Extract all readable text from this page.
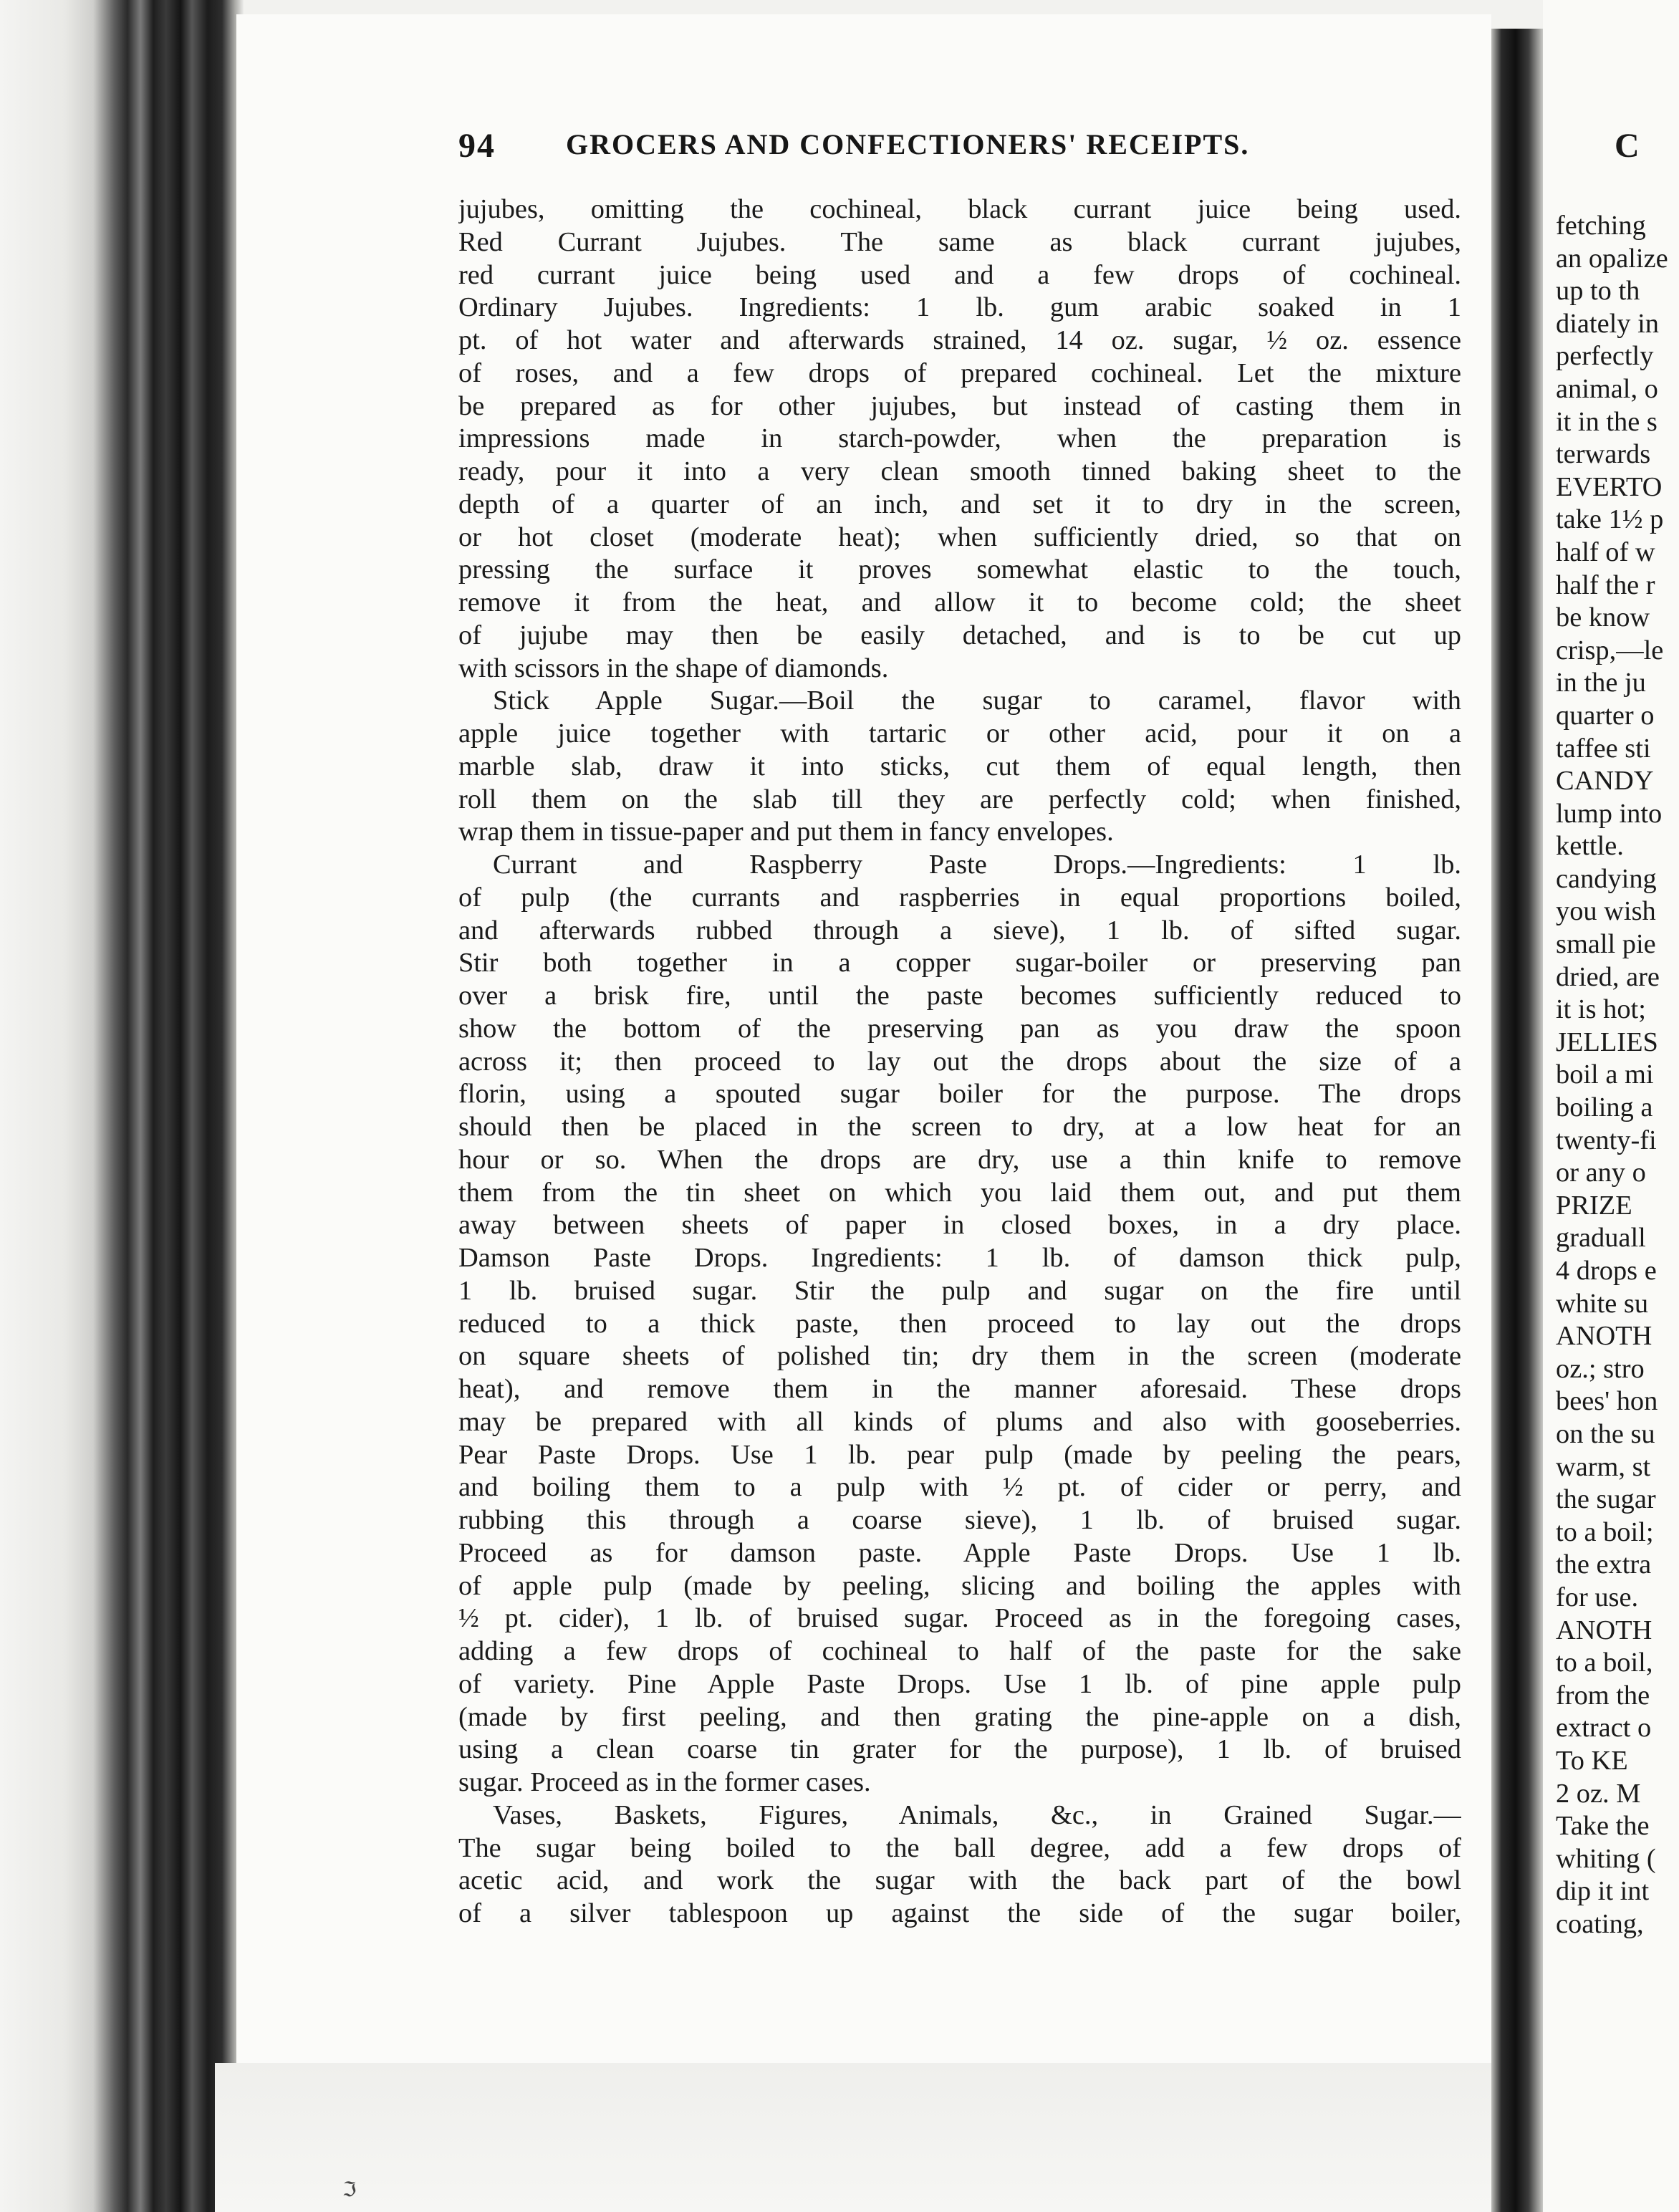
94 GROCERS AND CONFECTIONERS' RECEIPTS.
jujubes, omitting the cochineal, black currant juice being used.
Red Currant Jujubes. The same as black currant jujubes,
red currant juice being used and a few drops of cochineal.
Ordinary Jujubes. Ingredients: 1 lb. gum arabic soaked in 1
pt. of hot water and afterwards strained, 14 oz. sugar, ½ oz. essence
of roses, and a few drops of prepared cochineal. Let the mixture
be prepared as for other jujubes, but instead of casting them in
impressions made in starch-powder, when the preparation is
ready, pour it into a very clean smooth tinned baking sheet to the
depth of a quarter of an inch, and set it to dry in the screen,
or hot closet (moderate heat); when sufficiently dried, so that on
pressing the surface it proves somewhat elastic to the touch,
remove it from the heat, and allow it to become cold; the sheet
of jujube may then be easily detached, and is to be cut up
with scissors in the shape of diamonds.
Stick Apple Sugar.—Boil the sugar to caramel, flavor with
apple juice together with tartaric or other acid, pour it on a
marble slab, draw it into sticks, cut them of equal length, then
roll them on the slab till they are perfectly cold; when finished,
wrap them in tissue-paper and put them in fancy envelopes.
Currant and Raspberry Paste Drops.—Ingredients: 1 lb.
of pulp (the currants and raspberries in equal proportions boiled,
and afterwards rubbed through a sieve), 1 lb. of sifted sugar.
Stir both together in a copper sugar-boiler or preserving pan
over a brisk fire, until the paste becomes sufficiently reduced to
show the bottom of the preserving pan as you draw the spoon
across it; then proceed to lay out the drops about the size of a
florin, using a spouted sugar boiler for the purpose. The drops
should then be placed in the screen to dry, at a low heat for an
hour or so. When the drops are dry, use a thin knife to remove
them from the tin sheet on which you laid them out, and put them
away between sheets of paper in closed boxes, in a dry place.
Damson Paste Drops. Ingredients: 1 lb. of damson thick pulp,
1 lb. bruised sugar. Stir the pulp and sugar on the fire until
reduced to a thick paste, then proceed to lay out the drops
on square sheets of polished tin; dry them in the screen (moderate
heat), and remove them in the manner aforesaid. These drops
may be prepared with all kinds of plums and also with gooseberries.
Pear Paste Drops. Use 1 lb. pear pulp (made by peeling the pears,
and boiling them to a pulp with ½ pt. of cider or perry, and
rubbing this through a coarse sieve), 1 lb. of bruised sugar.
Proceed as for damson paste. Apple Paste Drops. Use 1 lb.
of apple pulp (made by peeling, slicing and boiling the apples with
½ pt. cider), 1 lb. of bruised sugar. Proceed as in the foregoing cases,
adding a few drops of cochineal to half of the paste for the sake
of variety. Pine Apple Paste Drops. Use 1 lb. of pine apple pulp
(made by first peeling, and then grating the pine-apple on a dish,
using a clean coarse tin grater for the purpose), 1 lb. of bruised
sugar. Proceed as in the former cases.
Vases, Baskets, Figures, Animals, &c., in Grained Sugar.—
The sugar being boiled to the ball degree, add a few drops of
acetic acid, and work the sugar with the back part of the bowl
of a silver tablespoon up against the side of the sugar boiler,
C
fetching
an opalize
up to th
diately in
perfectly
animal, o
it in the s
terwards
EVERTO
take 1½ p
half of w
half the r
be know
crisp,—le
in the ju
quarter o
taffee sti
CANDY
lump into
kettle.
candying
you wish
small pie
dried, are
it is hot;
JELLIES
boil a mi
boiling a
twenty-fi
or any o
PRIZE
graduall
4 drops e
white su
ANOTH
oz.; stro
bees' hon
on the su
warm, st
the sugar
to a boil;
the extra
for use.
ANOTH
to a boil,
from the
extract o
To KE
2 oz. M
Take the
whiting (
dip it int
coating,
ℑ
